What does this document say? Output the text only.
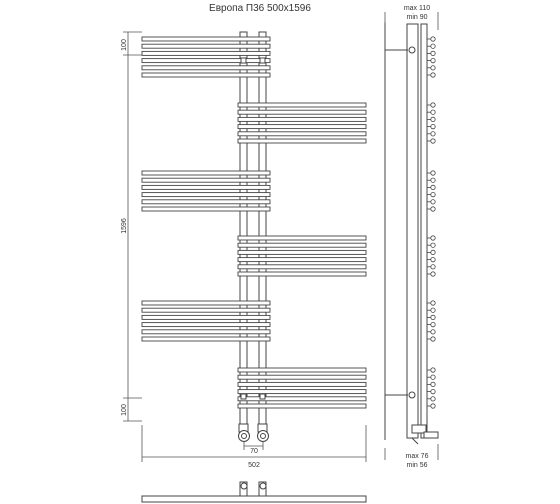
Европа П36 500х1596
100
1596
100
70
502
max 110
min 90
max 76
min 56
